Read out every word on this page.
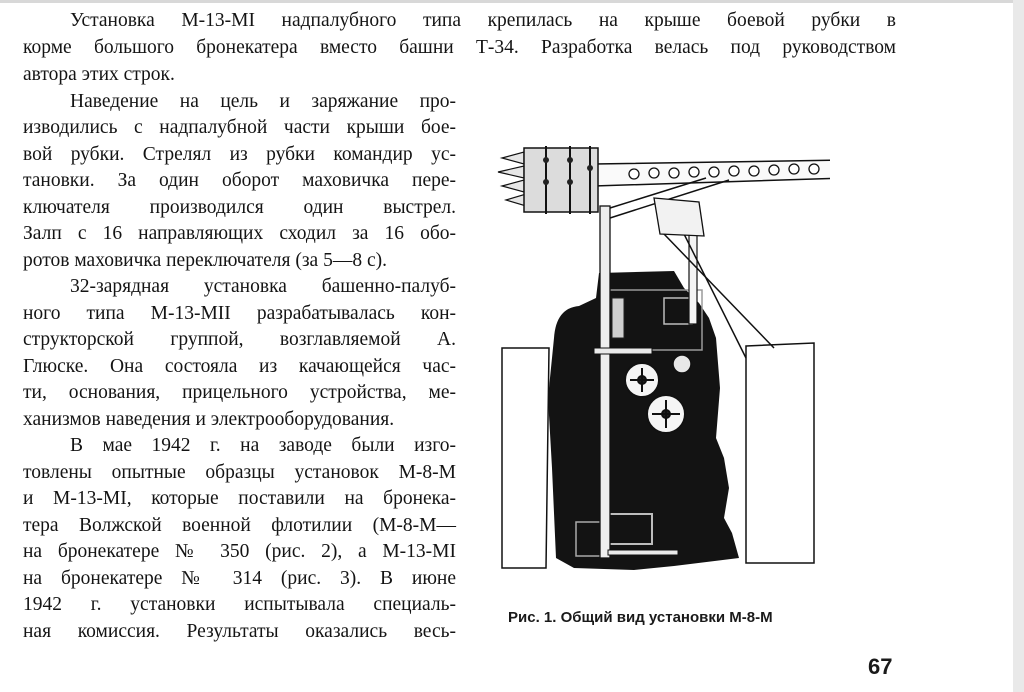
Установка М-13-МI надпалубного типа крепилась на крыше боевой рубки в
корме большого бронекатера вместо башни Т-34. Разработка велась под руководством
автора этих строк.
Наведение на цель и заряжание про-
изводились с надпалубной части крыши бое-
вой рубки. Стрелял из рубки командир ус-
тановки. За один оборот маховичка пере-
ключателя производился один выстрел.
Залп с 16 направляющих сходил за 16 обо-
ротов маховичка переключателя (за 5—8 с).
32-зарядная установка башенно-палуб-
ного типа М-13-МII разрабатывалась кон-
структорской группой, возглавляемой А.
Глюске. Она состояла из качающейся час-
ти, основания, прицельного устройства, ме-
ханизмов наведения и электрооборудования.
В мае 1942 г. на заводе были изго-
товлены опытные образцы установок М-8-М
и М-13-МI, которые поставили на бронека-
тера Волжской военной флотилии (М-8-М—
на бронекатере № 350 (рис. 2), а М-13-МI
на бронекатере № 314 (рис. 3). В июне
1942 г. установки испытывала специаль-
ная комиссия. Результаты оказались весь-
Рис. 1. Общий вид установки М-8-М
67
